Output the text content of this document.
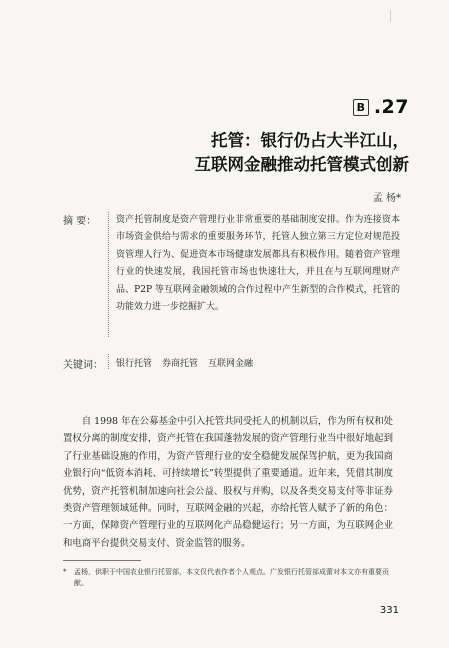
B .27
托管：银行仍占大半江山，
互联网金融推动托管模式创新
孟 杨*
摘 要： 资产托管制度是资产管理行业非常重要的基础制度安排。作为连接资本市场资金供给与需求的重要服务环节，托管人独立第三方定位对规范投资管理人行为、促进资本市场健康发展都具有积极作用。随着资产管理行业的快速发展，我国托管市场也快速壮大，并且在与互联网理财产品、P2P 等互联网金融领域的合作过程中产生新型的合作模式，托管的功能效力进一步挖掘扩大。
关键词： 银行托管 券商托管 互联网金融

自 1998 年在公募基金中引入托管共同受托人的机制以后，作为所有权和处置权分离的制度安排，资产托管在我国蓬勃发展的资产管理行业当中很好地起到了行业基础设施的作用，为资产管理行业的安全稳健发展保驾护航，更为我国商业银行向“低资本消耗、可持续增长”转型提供了重要通道。近年来，凭借其制度优势，资产托管机制加速向社会公益、股权与并购，以及各类交易支付等非证券类资产管理领域延伸。同时，互联网金融的兴起，亦给托管人赋予了新的角色：一方面，保障资产管理行业的互联网化产品稳健运行；另一方面，为互联网企业和电商平台提供交易支付、资金监管的服务。

* 孟杨，供职于中国农业银行托管部，本文仅代表作者个人观点。广发银行托管部成蕾对本文亦有重要贡献。
331
